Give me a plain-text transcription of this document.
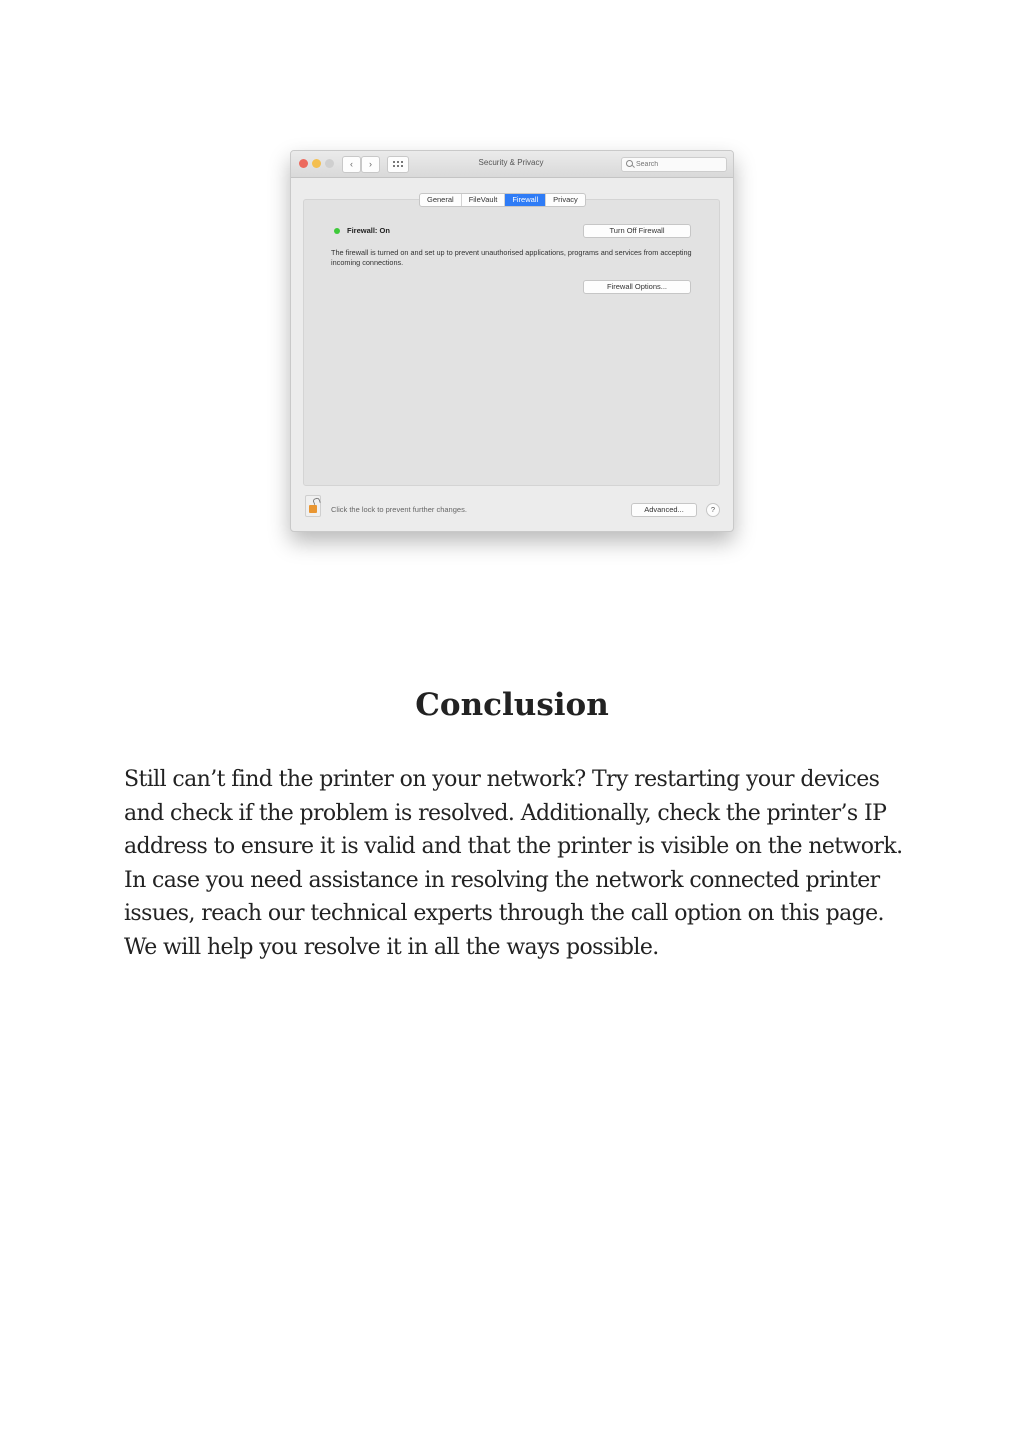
‹	›	Security & Privacy
Search
Firewall: On	Turn Off Firewall
The firewall is turned on and set up to prevent unauthorised applications, programs and services from accepting incoming connections.
Firewall Options...
General	FileVault	Firewall	Privacy
Click the lock to prevent further changes.	Advanced...	?
Conclusion

Still can’t find the printer on your network? Try restarting your devices and check if the problem is resolved. Additionally, check the printer’s IP address to ensure it is valid and that the printer is visible on the network. In case you need assistance in resolving the network connected printer issues, reach our technical experts through the call option on this page. We will help you resolve it in all the ways possible.
